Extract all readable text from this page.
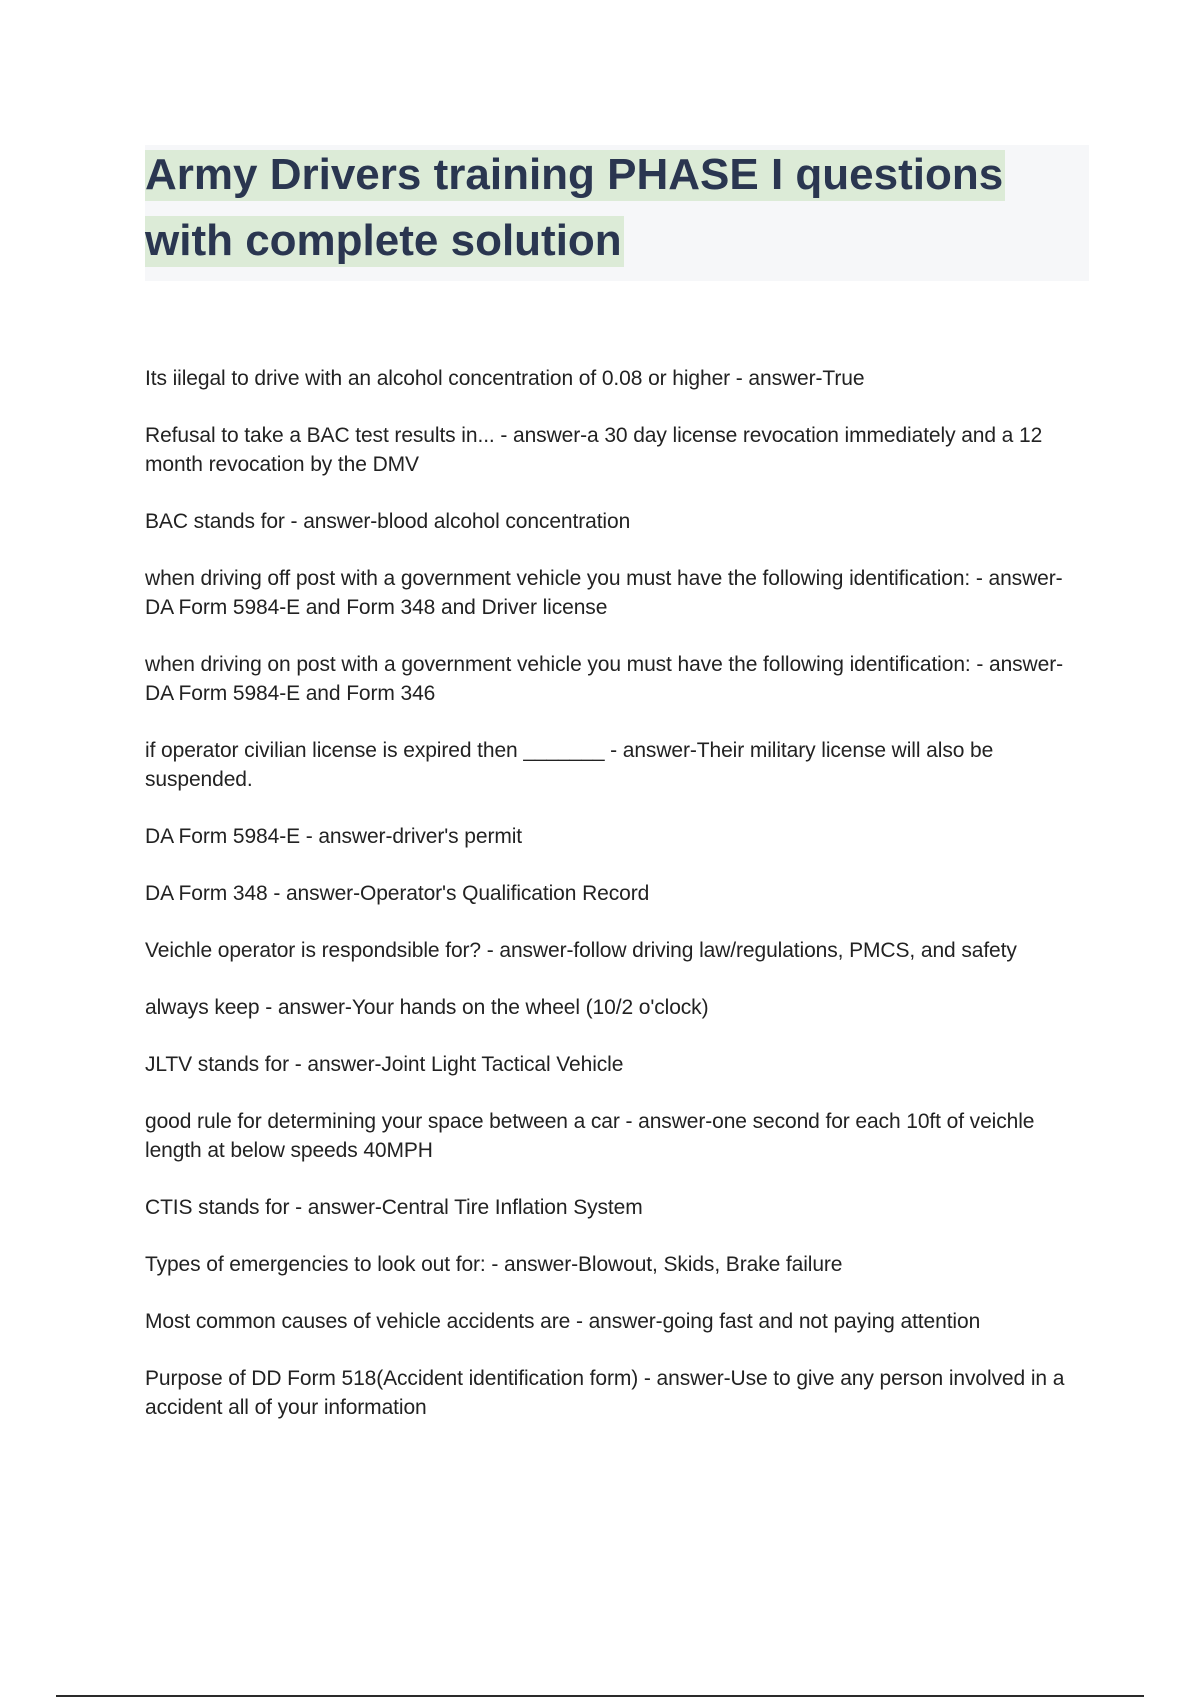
Army Drivers training PHASE I questions with complete solution
Its iilegal to drive with an alcohol concentration of 0.08 or higher - answer-True
Refusal to take a BAC test results in... - answer-a 30 day license revocation immediately and a 12 month revocation by the DMV
BAC stands for - answer-blood alcohol concentration
when driving off post with a government vehicle you must have the following identification: - answer-DA Form 5984-E and Form 348 and Driver license
when driving on post with a government vehicle you must have the following identification: - answer-DA Form 5984-E and Form 346
if operator civilian license is expired then _______ - answer-Their military license will also be suspended.
DA Form 5984-E - answer-driver's permit
DA Form 348 - answer-Operator's Qualification Record
Veichle operator is respondsible for? - answer-follow driving law/regulations, PMCS, and safety
always keep - answer-Your hands on the wheel (10/2 o'clock)
JLTV stands for - answer-Joint Light Tactical Vehicle
good rule for determining your space between a car - answer-one second for each 10ft of veichle length at below speeds 40MPH
CTIS stands for - answer-Central Tire Inflation System
Types of emergencies to look out for: - answer-Blowout, Skids, Brake failure
Most common causes of vehicle accidents are - answer-going fast and not paying attention
Purpose of DD Form 518(Accident identification form) - answer-Use to give any person involved in a accident all of your information
